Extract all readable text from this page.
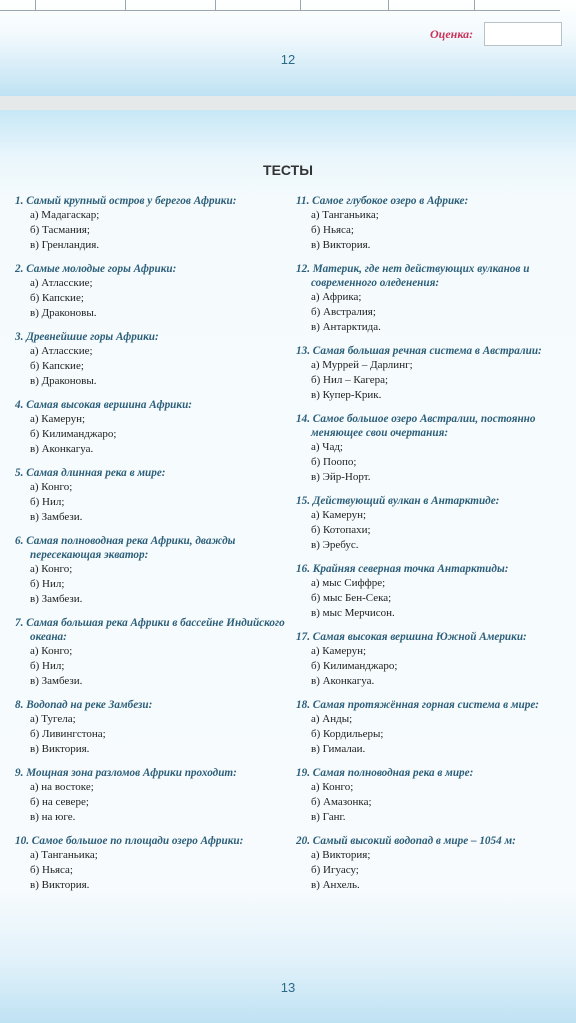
Оценка:
12
ТЕСТЫ
1. Самый крупный остров у берегов Африки:
а) Мадагаскар;
б) Тасмания;
в) Гренландия.
2. Самые молодые горы Африки:
а) Атласские;
б) Капские;
в) Драконовы.
3. Древнейшие горы Африки:
а) Атласские;
б) Капские;
в) Драконовы.
4. Самая высокая вершина Африки:
а) Камерун;
б) Килиманджаро;
в) Аконкагуа.
5. Самая длинная река в мире:
а) Конго;
б) Нил;
в) Замбези.
6. Самая полноводная река Африки, дважды пересекающая экватор:
а) Конго;
б) Нил;
в) Замбези.
7. Самая большая река Африки в бассейне Индийского океана:
а) Конго;
б) Нил;
в) Замбези.
8. Водопад на реке Замбези:
а) Тугела;
б) Ливингстона;
в) Виктория.
9. Мощная зона разломов Африки проходит:
а) на востоке;
б) на севере;
в) на юге.
10. Самое большое по площади озеро Африки:
а) Танганьика;
б) Ньяса;
в) Виктория.
11. Самое глубокое озеро в Африке:
а) Танганьика;
б) Ньяса;
в) Виктория.
12. Материк, где нет действующих вулканов и современного оледенения:
а) Африка;
б) Австралия;
в) Антарктида.
13. Самая большая речная система в Австралии:
а) Муррей – Дарлинг;
б) Нил – Кагера;
в) Купер-Крик.
14. Самое большое озеро Австралии, постоянно меняющее свои очертания:
а) Чад;
б) Поопо;
в) Эйр-Норт.
15. Действующий вулкан в Антарктиде:
а) Камерун;
б) Котопахи;
в) Эребус.
16. Крайняя северная точка Антарктиды:
а) мыс Сиффре;
б) мыс Бен-Сека;
в) мыс Мерчисон.
17. Самая высокая вершина Южной Америки:
а) Камерун;
б) Килиманджаро;
в) Аконкагуа.
18. Самая протяжённая горная система в мире:
а) Анды;
б) Кордильеры;
в) Гималаи.
19. Самая полноводная река в мире:
а) Конго;
б) Амазонка;
в) Ганг.
20. Самый высокий водопад в мире – 1054 м:
а) Виктория;
б) Игуасу;
в) Анхель.
13
